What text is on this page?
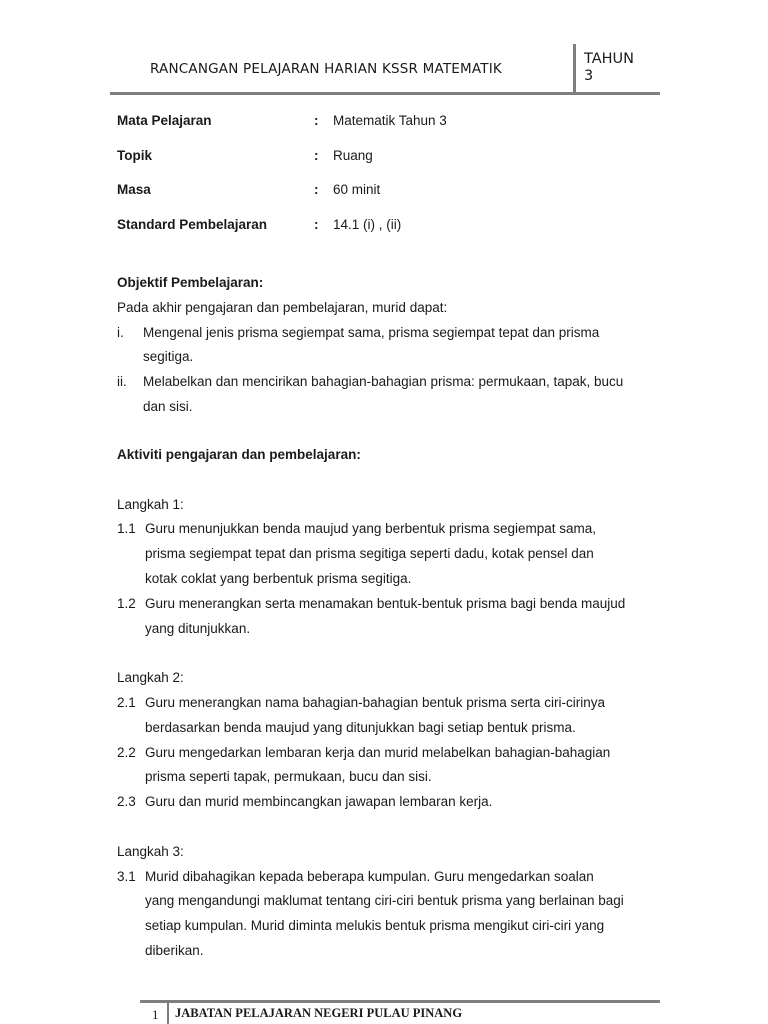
RANCANGAN PELAJARAN HARIAN KSSR MATEMATIK
TAHUN
3
Mata Pelajaran	: Matematik Tahun 3
Topik	: Ruang
Masa	: 60 minit
Standard Pembelajaran	: 14.1 (i) , (ii)
Objektif Pembelajaran:
Pada akhir pengajaran dan pembelajaran, murid dapat:
i. Mengenal jenis prisma segiempat sama, prisma segiempat tepat dan prisma
segitiga.
ii. Melabelkan dan mencirikan bahagian-bahagian prisma: permukaan, tapak, bucu
dan sisi.
Aktiviti pengajaran dan pembelajaran:
Langkah 1:
1.1 Guru menunjukkan benda maujud yang berbentuk prisma segiempat sama,
prisma segiempat tepat dan prisma segitiga seperti dadu, kotak pensel dan
kotak coklat yang berbentuk prisma segitiga.
1.2 Guru menerangkan serta menamakan bentuk-bentuk prisma bagi benda maujud
yang ditunjukkan.
Langkah 2:
2.1 Guru menerangkan nama bahagian-bahagian bentuk prisma serta ciri-cirinya
berdasarkan benda maujud yang ditunjukkan bagi setiap bentuk prisma.
2.2 Guru mengedarkan lembaran kerja dan murid melabelkan bahagian-bahagian
prisma seperti tapak, permukaan, bucu dan sisi.
2.3 Guru dan murid membincangkan jawapan lembaran kerja.
Langkah 3:
3.1 Murid dibahagikan kepada beberapa kumpulan. Guru mengedarkan soalan
yang mengandungi maklumat tentang ciri-ciri bentuk prisma yang berlainan bagi
setiap kumpulan. Murid diminta melukis bentuk prisma mengikut ciri-ciri yang
diberikan.
1 JABATAN PELAJARAN NEGERI PULAU PINANG
